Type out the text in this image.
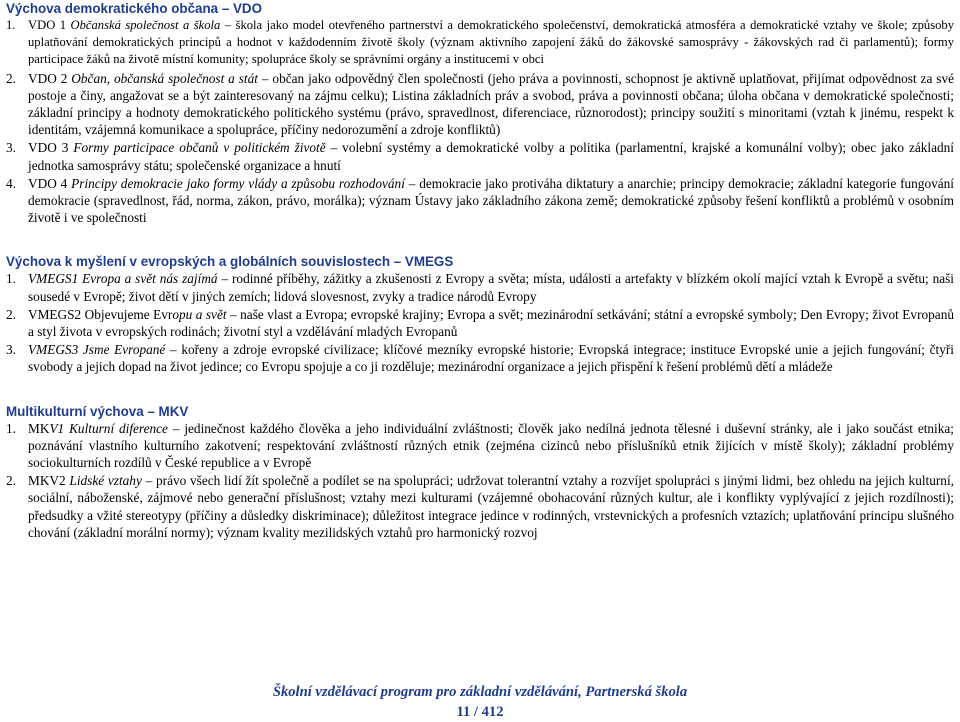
Výchova demokratického občana – VDO
1. VDO 1 Občanská společnost a škola – škola jako model otevřeného partnerství a demokratického společenství, demokratická atmosféra a demokratické vztahy ve škole; způsoby uplatňování demokratických principů a hodnot v každodenním životě školy (význam aktivního zapojení žáků do žákovské samosprávy - žákovských rad či parlamentů); formy participace žáků na životě místní komunity; spolupráce školy se správními orgány a institucemi v obci
2. VDO 2 Občan, občanská společnost a stát – občan jako odpovědný člen společnosti (jeho práva a povinnosti, schopnost je aktivně uplatňovat, přijímat odpovědnost za své postoje a činy, angažovat se a být zainteresovaný na zájmu celku); Listina základních práv a svobod, práva a povinnosti občana; úloha občana v demokratické společnosti; základní principy a hodnoty demokratického politického systému (právo, spravedlnost, diferenciace, různorodost); principy soužití s minoritami (vztah k jinému, respekt k identitám, vzájemná komunikace a spolupráce, příčiny nedorozumění a zdroje konfliktů)
3. VDO 3 Formy participace občanů v politickém životě – volební systémy a demokratické volby a politika (parlamentní, krajské a komunální volby); obec jako základní jednotka samosprávy státu; společenské organizace a hnutí
4. VDO 4 Principy demokracie jako formy vlády a způsobu rozhodování – demokracie jako protiváha diktatury a anarchie; principy demokracie; základní kategorie fungování demokracie (spravedlnost, řád, norma, zákon, právo, morálka); význam Ústavy jako základního zákona země; demokratické způsoby řešení konfliktů a problémů v osobním životě i ve společnosti
Výchova k myšlení v evropských a globálních souvislostech – VMEGS
1. VMEGS1 Evropa a svět nás zajímá – rodinné příběhy, zážitky a zkušenosti z Evropy a světa; místa, události a artefakty v blízkém okolí mající vztah k Evropě a světu; naši sousedé v Evropě; život dětí v jiných zemích; lidová slovesnost, zvyky a tradice národů Evropy
2. VMEGS2 Objevujeme Evropu a svět – naše vlast a Evropa; evropské krajiny; Evropa a svět; mezinárodní setkávání; státní a evropské symboly; Den Evropy; život Evropanů a styl života v evropských rodinách; životní styl a vzdělávání mladých Evropanů
3. VMEGS3 Jsme Evropané – kořeny a zdroje evropské civilizace; klíčové mezníky evropské historie; Evropská integrace; instituce Evropské unie a jejich fungování; čtyři svobody a jejich dopad na život jedince; co Evropu spojuje a co ji rozděluje; mezinárodní organizace a jejich přispění k řešení problémů dětí a mládeže
Multikulturní výchova – MKV
1. MKV1 Kulturní diference – jedinečnost každého člověka a jeho individuální zvláštnosti; člověk jako nedílná jednota tělesné i duševní stránky, ale i jako součást etnika; poznávání vlastního kulturního zakotvení; respektování zvláštností různých etnik (zejména cizinců nebo příslušníků etnik žijících v místě školy); základní problémy sociokulturních rozdílů v České republice a v Evropě
2. MKV2 Lidské vztahy – právo všech lidí žít společně a podílet se na spolupráci; udržovat tolerantní vztahy a rozvíjet spolupráci s jinými lidmi, bez ohledu na jejich kulturní, sociální, náboženské, zájmové nebo generační příslušnost; vztahy mezi kulturami (vzájemné obohacování různých kultur, ale i konflikty vyplývající z jejich rozdílnosti); předsudky a vžité stereotypy (příčiny a důsledky diskriminace); důležitost integrace jedince v rodinných, vrstevnických a profesních vztazích; uplatňování principu slušného chování (základní morální normy); význam kvality mezilidských vztahů pro harmonický rozvoj
Školní vzdělávací program pro základní vzdělávání, Partnerská škola
11 / 412
